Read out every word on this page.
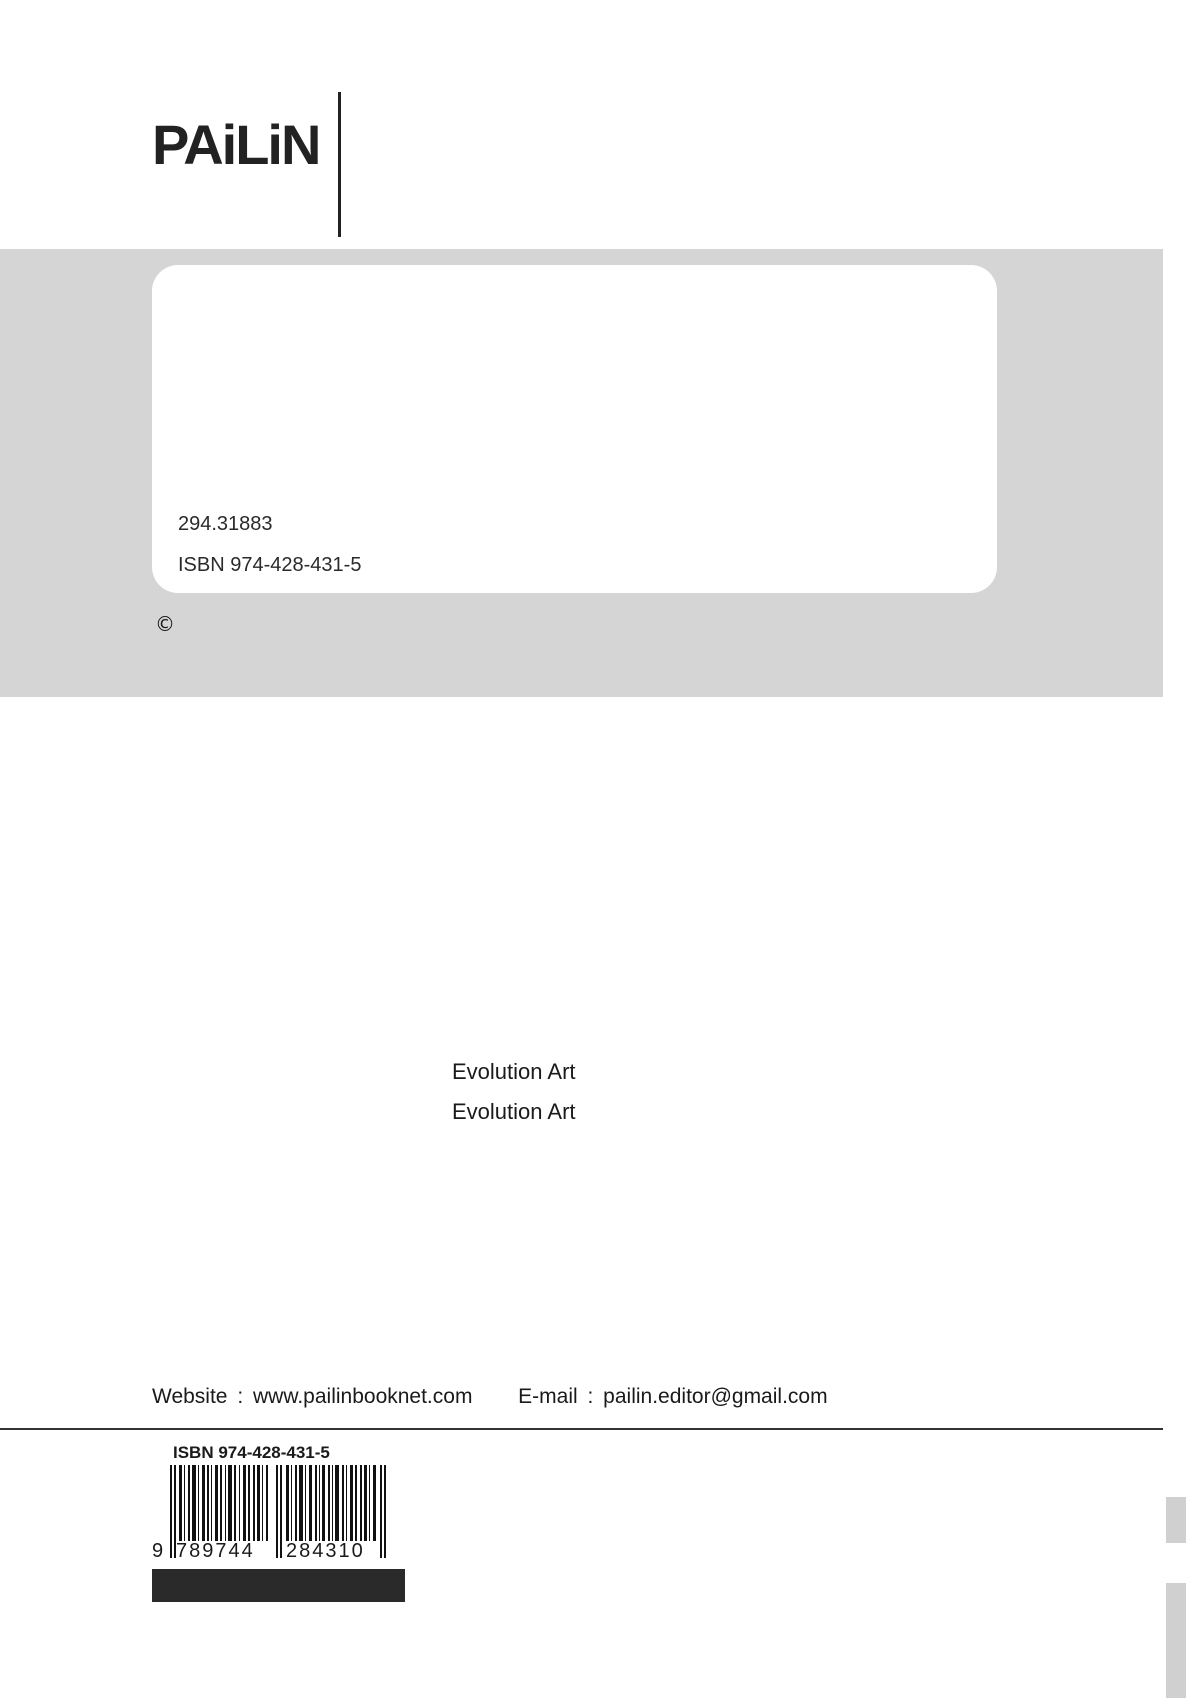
PAiLiN
294.31883
ISBN 974-428-431-5
©
Evolution Art
Evolution Art
Website : www.pailinbooknet.com E-mail : pailin.editor@gmail.com
ISBN 974-428-431-5
9 789744 284310
